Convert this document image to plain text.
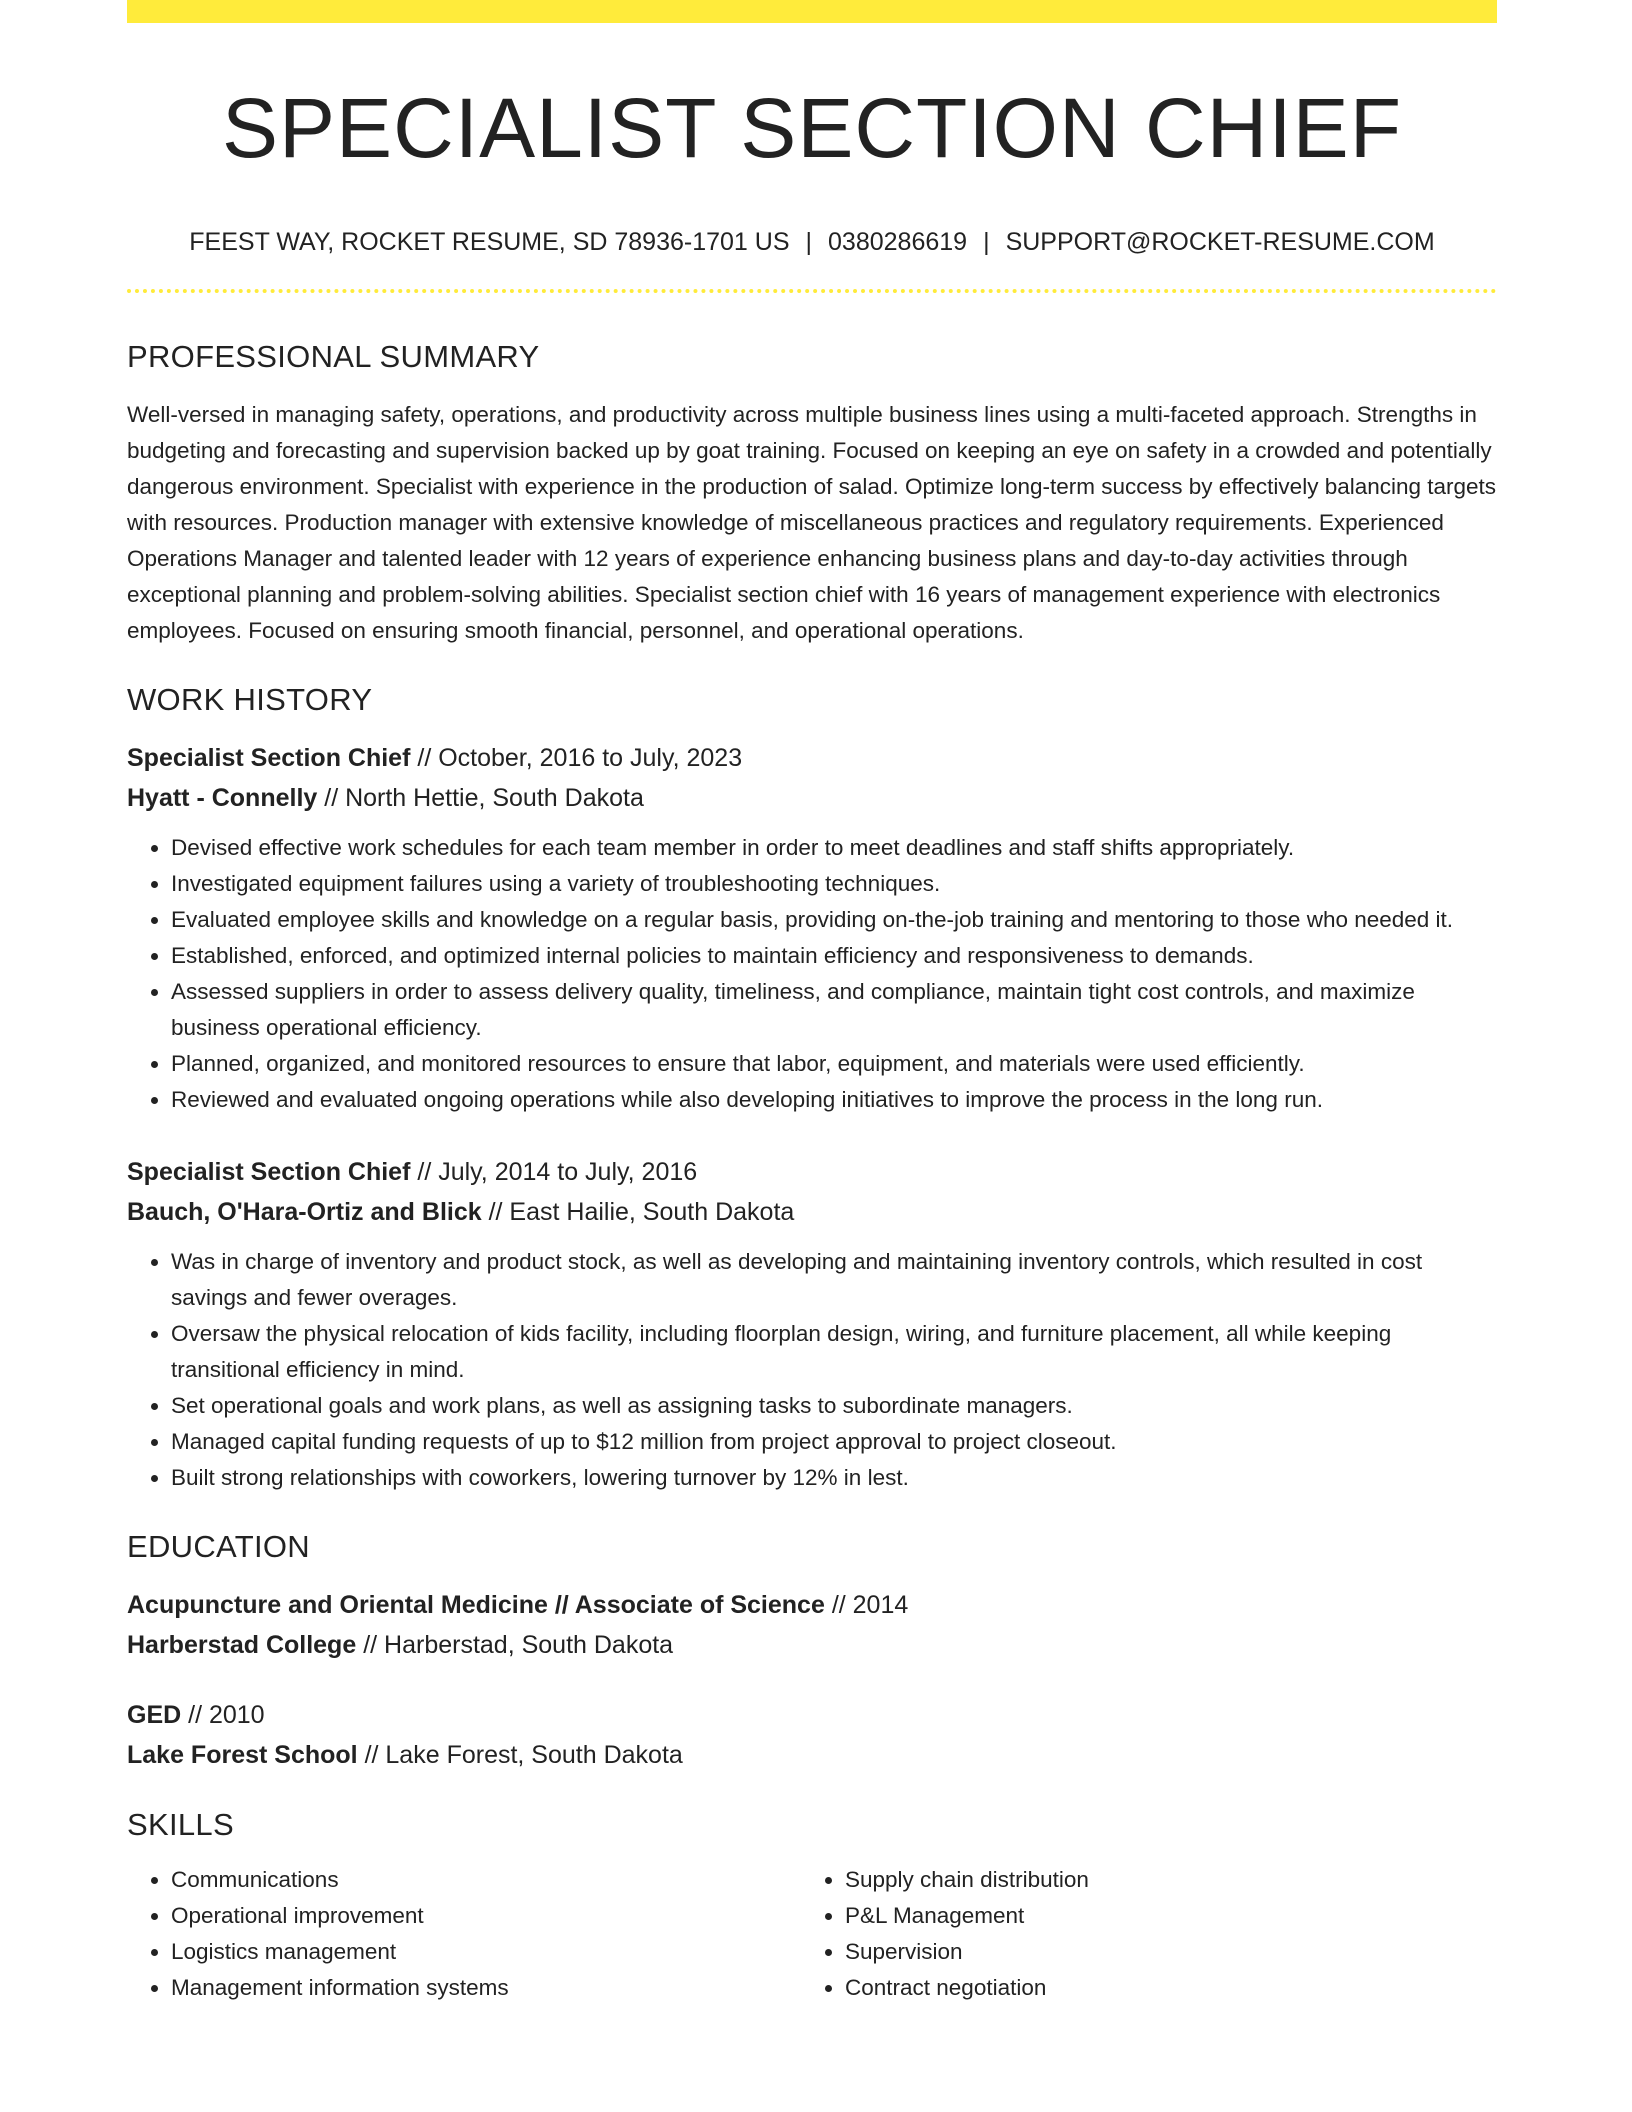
SPECIALIST SECTION CHIEF
FEEST WAY, ROCKET RESUME, SD 78936-1701 US | 0380286619 | SUPPORT@ROCKET-RESUME.COM
PROFESSIONAL SUMMARY

Well-versed in managing safety, operations, and productivity across multiple business lines using a multi-faceted approach. Strengths in budgeting and forecasting and supervision backed up by goat training. Focused on keeping an eye on safety in a crowded and potentially dangerous environment. Specialist with experience in the production of salad. Optimize long-term success by effectively balancing targets with resources. Production manager with extensive knowledge of miscellaneous practices and regulatory requirements. Experienced Operations Manager and talented leader with 12 years of experience enhancing business plans and day-to-day activities through exceptional planning and problem-solving abilities. Specialist section chief with 16 years of management experience with electronics employees. Focused on ensuring smooth financial, personnel, and operational operations.

WORK HISTORY
Specialist Section Chief // October, 2016 to July, 2023
Hyatt - Connelly // North Hettie, South Dakota
• Devised effective work schedules for each team member in order to meet deadlines and staff shifts appropriately.
• Investigated equipment failures using a variety of troubleshooting techniques.
• Evaluated employee skills and knowledge on a regular basis, providing on-the-job training and mentoring to those who needed it.
• Established, enforced, and optimized internal policies to maintain efficiency and responsiveness to demands.
• Assessed suppliers in order to assess delivery quality, timeliness, and compliance, maintain tight cost controls, and maximize business operational efficiency.
• Planned, organized, and monitored resources to ensure that labor, equipment, and materials were used efficiently.
• Reviewed and evaluated ongoing operations while also developing initiatives to improve the process in the long run.
Specialist Section Chief // July, 2014 to July, 2016
Bauch, O'Hara-Ortiz and Blick // East Hailie, South Dakota
• Was in charge of inventory and product stock, as well as developing and maintaining inventory controls, which resulted in cost savings and fewer overages.
• Oversaw the physical relocation of kids facility, including floorplan design, wiring, and furniture placement, all while keeping transitional efficiency in mind.
• Set operational goals and work plans, as well as assigning tasks to subordinate managers.
• Managed capital funding requests of up to $12 million from project approval to project closeout.
• Built strong relationships with coworkers, lowering turnover by 12% in lest.
EDUCATION
Acupuncture and Oriental Medicine // Associate of Science // 2014
Harberstad College // Harberstad, South Dakota
GED // 2010
Lake Forest School // Lake Forest, South Dakota
SKILLS
• Communications
• Operational improvement
• Logistics management
• Management information systems
• Supply chain distribution
• P&L Management
• Supervision
• Contract negotiation
